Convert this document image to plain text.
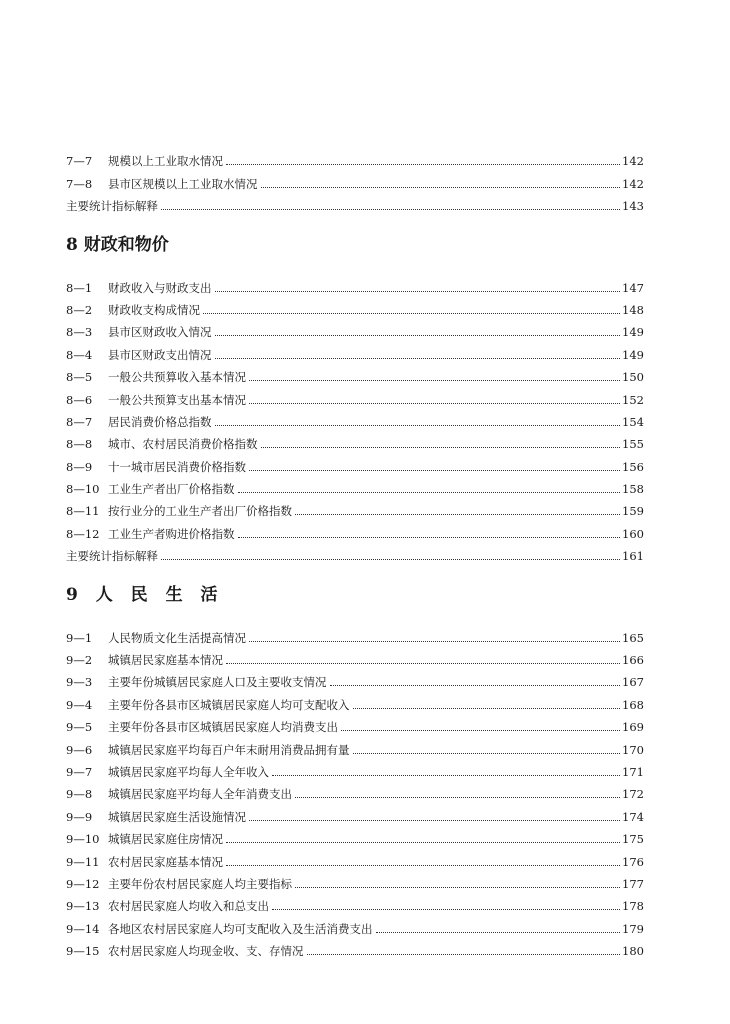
7—7	规模以上工业取水情况	142
7—8	县市区规模以上工业取水情况	142
主要统计指标解释	143
8 财政和物价
8—1	财政收入与财政支出	147
8—2	财政收支构成情况	148
8—3	县市区财政收入情况	149
8—4	县市区财政支出情况	149
8—5	一般公共预算收入基本情况	150
8—6	一般公共预算支出基本情况	152
8—7	居民消费价格总指数	154
8—8	城市、农村居民消费价格指数	155
8—9	十一城市居民消费价格指数	156
8—10 工业生产者出厂价格指数	158
8—11 按行业分的工业生产者出厂价格指数	159
8—12 工业生产者购进价格指数	160
主要统计指标解释	161
9 人 民 生 活
9—1	人民物质文化生活提高情况	165
9—2	城镇居民家庭基本情况	166
9—3	主要年份城镇居民家庭人口及主要收支情况	167
9—4	主要年份各县市区城镇居民家庭人均可支配收入	168
9—5	主要年份各县市区城镇居民家庭人均消费支出	169
9—6	城镇居民家庭平均每百户年末耐用消费品拥有量	170
9—7	城镇居民家庭平均每人全年收入	171
9—8	城镇居民家庭平均每人全年消费支出	172
9—9	城镇居民家庭生活设施情况	174
9—10 城镇居民家庭住房情况	175
9—11 农村居民家庭基本情况	176
9—12 主要年份农村居民家庭人均主要指标	177
9—13 农村居民家庭人均收入和总支出	178
9—14 各地区农村居民家庭人均可支配收入及生活消费支出	179
9—15 农村居民家庭人均现金收、支、存情况	180
